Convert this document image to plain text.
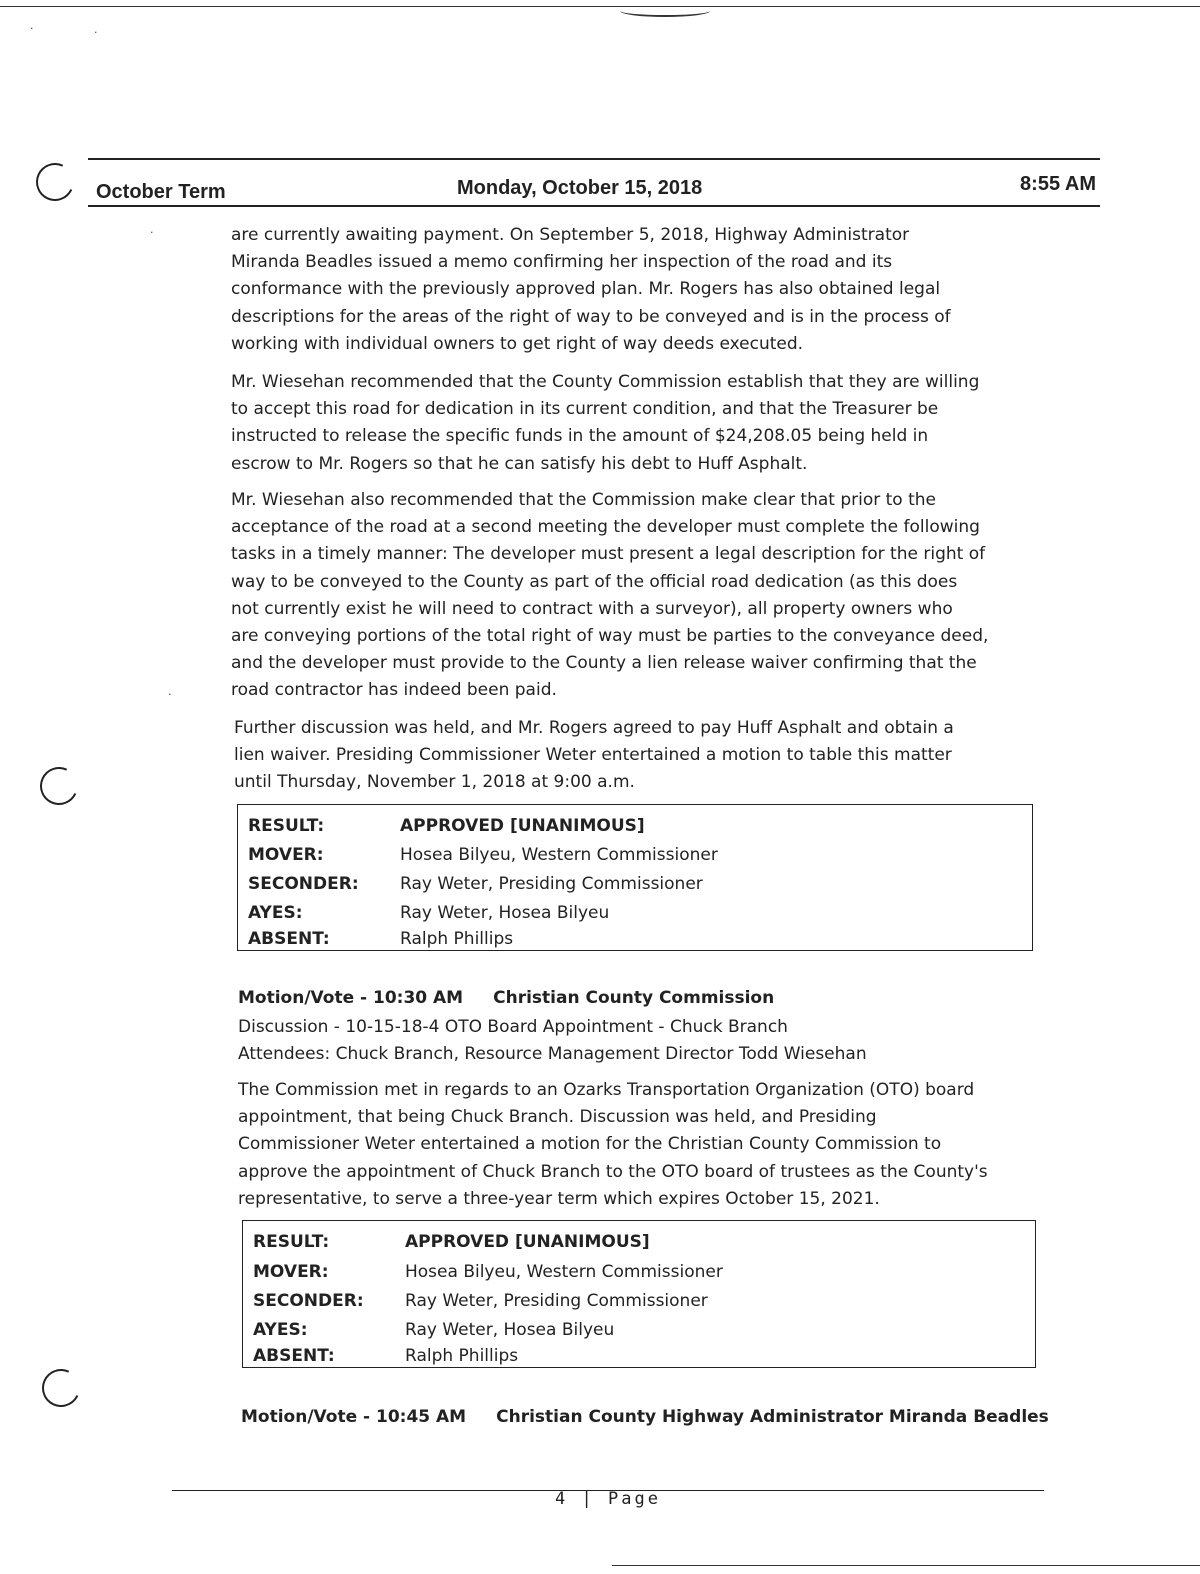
‧	‧
‧
‧
October Term	Monday, October 15, 2018	8:55 AM

are currently awaiting payment. On September 5, 2018, Highway Administrator
Miranda Beadles issued a memo confirming her inspection of the road and its
conformance with the previously approved plan. Mr. Rogers has also obtained legal
descriptions for the areas of the right of way to be conveyed and is in the process of
working with individual owners to get right of way deeds executed.

Mr. Wiesehan recommended that the County Commission establish that they are willing
to accept this road for dedication in its current condition, and that the Treasurer be
instructed to release the specific funds in the amount of $24,208.05 being held in
escrow to Mr. Rogers so that he can satisfy his debt to Huff Asphalt.

Mr. Wiesehan also recommended that the Commission make clear that prior to the
acceptance of the road at a second meeting the developer must complete the following
tasks in a timely manner: The developer must present a legal description for the right of
way to be conveyed to the County as part of the official road dedication (as this does
not currently exist he will need to contract with a surveyor), all property owners who
are conveying portions of the total right of way must be parties to the conveyance deed,
and the developer must provide to the County a lien release waiver confirming that the
road contractor has indeed been paid.

Further discussion was held, and Mr. Rogers agreed to pay Huff Asphalt and obtain a
lien waiver. Presiding Commissioner Weter entertained a motion to table this matter
until Thursday, November 1, 2018 at 9:00 a.m.

RESULT:	APPROVED [UNANIMOUS]
MOVER:	Hosea Bilyeu, Western Commissioner
SECONDER: Ray Weter, Presiding Commissioner
AYES:	Ray Weter, Hosea Bilyeu
ABSENT:	Ralph Phillips
Motion/Vote - 10:30 AM Christian County Commission

Discussion - 10-15-18-4 OTO Board Appointment - Chuck Branch

Attendees: Chuck Branch, Resource Management Director Todd Wiesehan

The Commission met in regards to an Ozarks Transportation Organization (OTO) board
appointment, that being Chuck Branch. Discussion was held, and Presiding
Commissioner Weter entertained a motion for the Christian County Commission to
approve the appointment of Chuck Branch to the OTO board of trustees as the County's
representative, to serve a three-year term which expires October 15, 2021.

RESULT:	APPROVED [UNANIMOUS]
MOVER:	Hosea Bilyeu, Western Commissioner
SECONDER: Ray Weter, Presiding Commissioner
AYES:	Ray Weter, Hosea Bilyeu
ABSENT:	Ralph Phillips
Motion/Vote - 10:45 AM Christian County Highway Administrator Miranda Beadles
4 | Page
